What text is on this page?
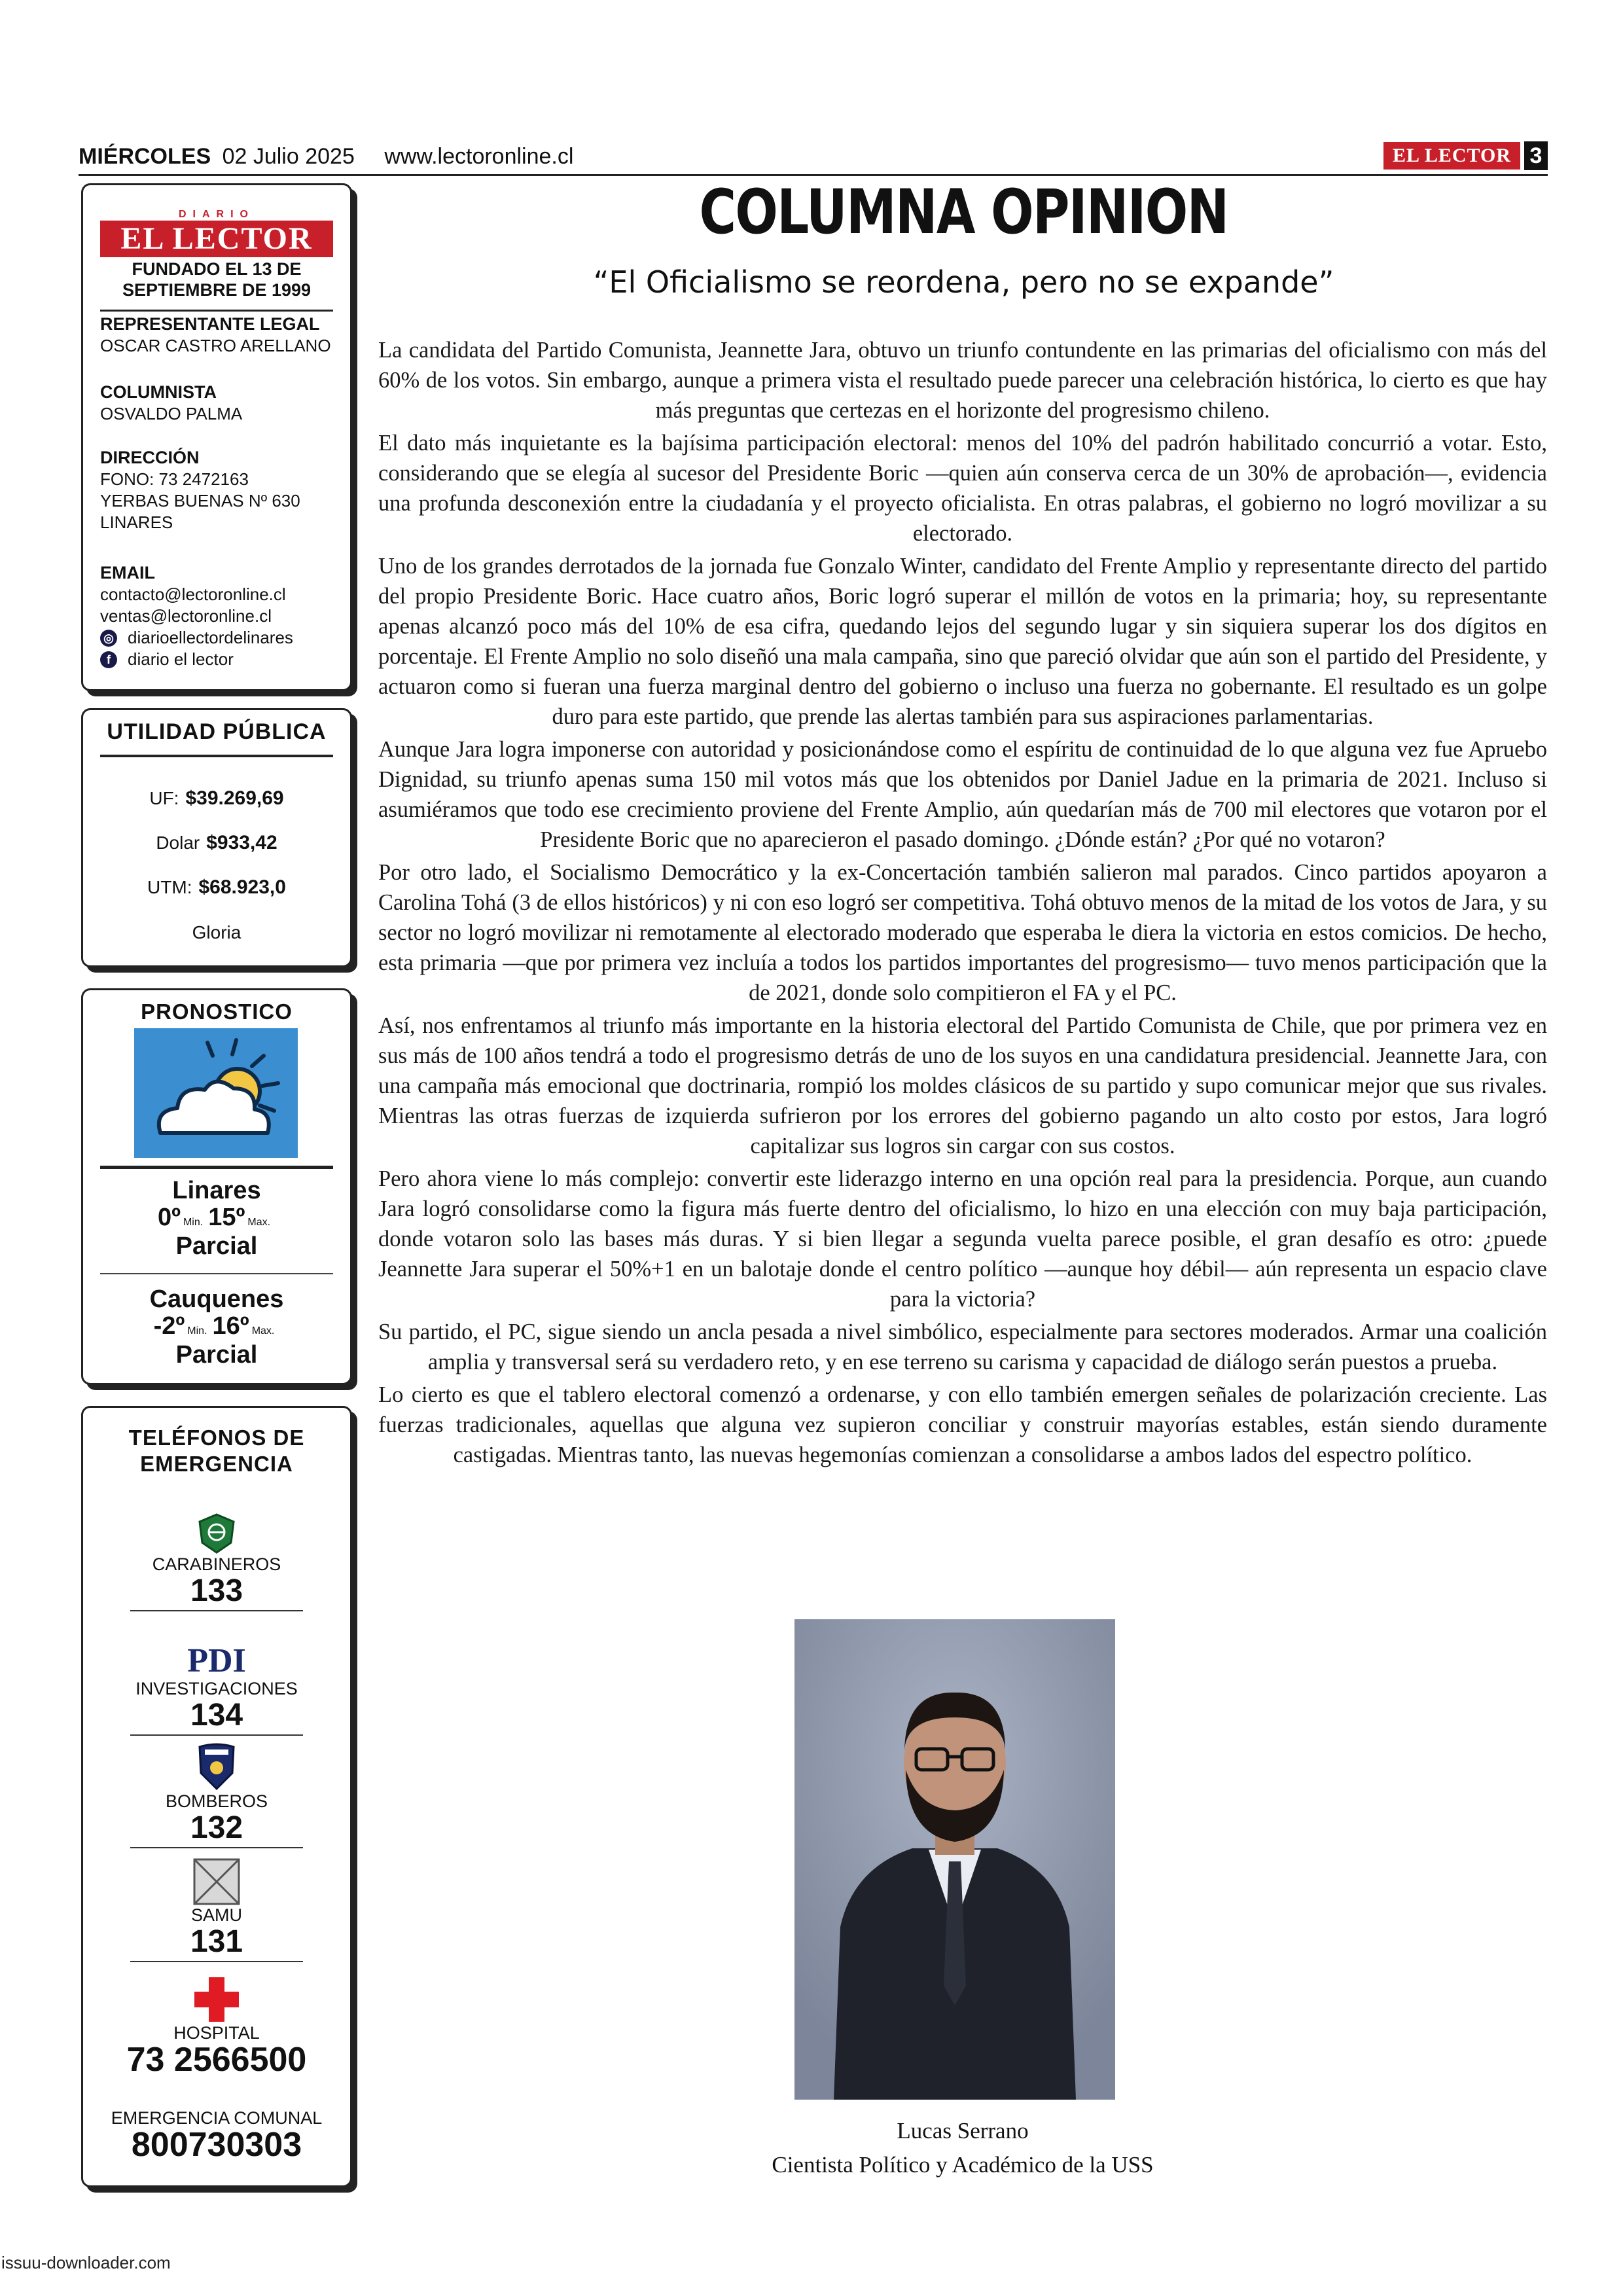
MIÉRCOLES 02 Julio 2025 www.lectoronline.cl	EL LECTOR 3
DIARIO
EL LECTOR
FUNDADO EL 13 DE
SEPTIEMBRE DE 1999
REPRESENTANTE LEGAL
OSCAR CASTRO ARELLANO
COLUMNISTA
OSVALDO PALMA
DIRECCIÓN
FONO: 73 2472163
YERBAS BUENAS Nº 630
LINARES
EMAIL
contacto@lectoronline.cl
ventas@lectoronline.cl
◎ diarioellectordelinares
f	diario el lector
UTILIDAD PÚBLICA
UF: $39.269,69
Dolar $933,42
UTM: $68.923,0
Gloria
PRONOSTICO
Linares
0º Min. 15º Max.
Parcial
Cauquenes
-2º Min. 16º Max.
Parcial
TELÉFONOS DE
EMERGENCIA
CARABINEROS
133
PDI
INVESTIGACIONES
134
BOMBEROS
132
SAMU
131
HOSPITAL
73 2566500
EMERGENCIA COMUNAL
800730303
COLUMNA OPINION
“El Oficialismo se reordena, pero no se expande”

La candidata del Partido Comunista, Jeannette Jara, obtuvo un triunfo contundente en las primarias del oficialismo con más del 60% de los votos. Sin embargo, aunque a primera vista el resultado puede parecer una celebración histórica, lo cierto es que hay más preguntas que certezas en el horizonte del progresismo chileno.

El dato más inquietante es la bajísima participación electoral: menos del 10% del padrón habilitado concurrió a votar. Esto, considerando que se elegía al sucesor del Presidente Boric —quien aún conserva cerca de un 30% de aprobación—, evidencia una profunda desconexión entre la ciudadanía y el proyecto oficialista. En otras palabras, el gobierno no logró movilizar a su electorado.

Uno de los grandes derrotados de la jornada fue Gonzalo Winter, candidato del Frente Amplio y representante directo del partido del propio Presidente Boric. Hace cuatro años, Boric logró superar el millón de votos en la primaria; hoy, su representante apenas alcanzó poco más del 10% de esa cifra, quedando lejos del segundo lugar y sin siquiera superar los dos dígitos en porcentaje. El Frente Amplio no solo diseñó una mala campaña, sino que pareció olvidar que aún son el partido del Presidente, y actuaron como si fueran una fuerza marginal dentro del gobierno o incluso una fuerza no gobernante. El resultado es un golpe duro para este partido, que prende las alertas también para sus aspiraciones parlamentarias.

Aunque Jara logra imponerse con autoridad y posicionándose como el espíritu de continuidad de lo que alguna vez fue Apruebo Dignidad, su triunfo apenas suma 150 mil votos más que los obtenidos por Daniel Jadue en la primaria de 2021. Incluso si asumiéramos que todo ese crecimiento proviene del Frente Amplio, aún quedarían más de 700 mil electores que votaron por el Presidente Boric que no aparecieron el pasado domingo. ¿Dónde están? ¿Por qué no votaron?

Por otro lado, el Socialismo Democrático y la ex-Concertación también salieron mal parados. Cinco partidos apoyaron a Carolina Tohá (3 de ellos históricos) y ni con eso logró ser competitiva. Tohá obtuvo menos de la mitad de los votos de Jara, y su sector no logró movilizar ni remotamente al electorado moderado que esperaba le diera la victoria en estos comicios. De hecho, esta primaria —que por primera vez incluía a todos los partidos importantes del progresismo— tuvo menos participación que la de 2021, donde solo compitieron el FA y el PC.

Así, nos enfrentamos al triunfo más importante en la historia electoral del Partido Comunista de Chile, que por primera vez en sus más de 100 años tendrá a todo el progresismo detrás de uno de los suyos en una candidatura presidencial. Jeannette Jara, con una campaña más emocional que doctrinaria, rompió los moldes clásicos de su partido y supo comunicar mejor que sus rivales. Mientras las otras fuerzas de izquierda sufrieron por los errores del gobierno pagando un alto costo por estos, Jara logró capitalizar sus logros sin cargar con sus costos.

Pero ahora viene lo más complejo: convertir este liderazgo interno en una opción real para la presidencia. Porque, aun cuando Jara logró consolidarse como la figura más fuerte dentro del oficialismo, lo hizo en una elección con muy baja participación, donde votaron solo las bases más duras. Y si bien llegar a segunda vuelta parece posible, el gran desafío es otro: ¿puede Jeannette Jara superar el 50%+1 en un balotaje donde el centro político —aunque hoy débil— aún representa un espacio clave para la victoria?

Su partido, el PC, sigue siendo un ancla pesada a nivel simbólico, especialmente para sectores moderados. Armar una coalición amplia y transversal será su verdadero reto, y en ese terreno su carisma y capacidad de diálogo serán puestos a prueba.

Lo cierto es que el tablero electoral comenzó a ordenarse, y con ello también emergen señales de polarización creciente. Las fuerzas tradicionales, aquellas que alguna vez supieron conciliar y construir mayorías estables, están siendo duramente castigadas. Mientras tanto, las nuevas hegemonías comienzan a consolidarse a ambos lados del espectro político.

Lucas Serrano
Cientista Político y Académico de la USS
issuu-downloader.com
